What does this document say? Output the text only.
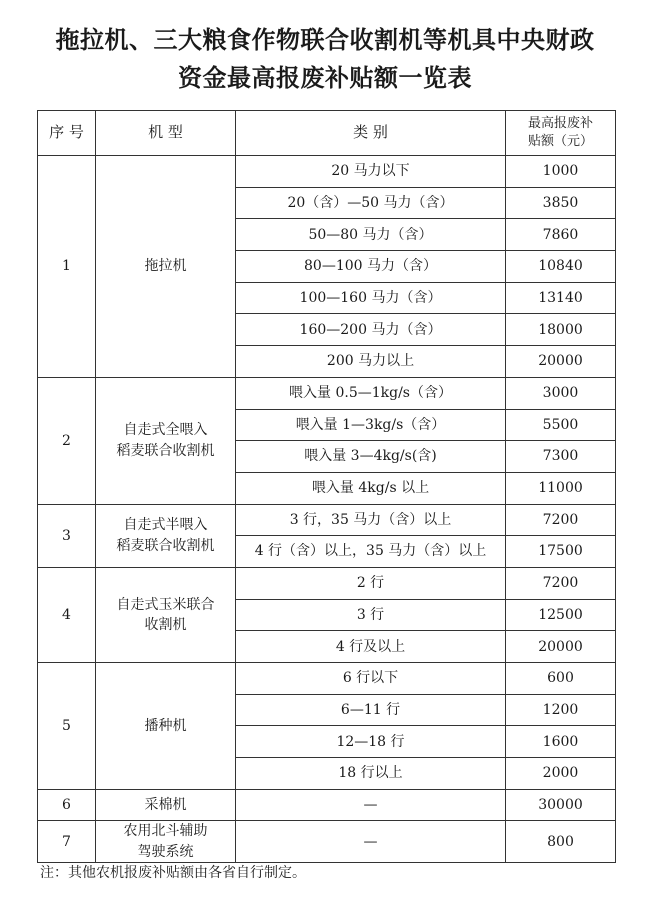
拖拉机、三大粮食作物联合收割机等机具中央财政
资金最高报废补贴额一览表
序 号	机 型	类 别	最高报废补
贴额（元）
1	拖拉机	20 马力以下	1000
		20（含）—50 马力（含）	3850
		50—80 马力（含）	7860
		80—100 马力（含）	10840
		100—160 马力（含）	13140
		160—200 马力（含）	18000
		200 马力以上	20000
2	自走式全喂入
稻麦联合收割机	喂入量 0.5—1kg/s（含）	3000
		喂入量 1—3kg/s（含）	5500
		喂入量 3—4kg/s(含)	7300
		喂入量 4kg/s 以上	11000
3	自走式半喂入
稻麦联合收割机	3 行，35 马力（含）以上	7200
		4 行（含）以上，35 马力（含）以上	17500
4	自走式玉米联合
收割机	2 行	7200
		3 行	12500
		4 行及以上	20000
5	播种机	6 行以下	600
		6—11 行	1200
		12—18 行	1600
		18 行以上	2000
6	采棉机	—	30000
7	农用北斗辅助
驾驶系统	—	800
注：其他农机报废补贴额由各省自行制定。
